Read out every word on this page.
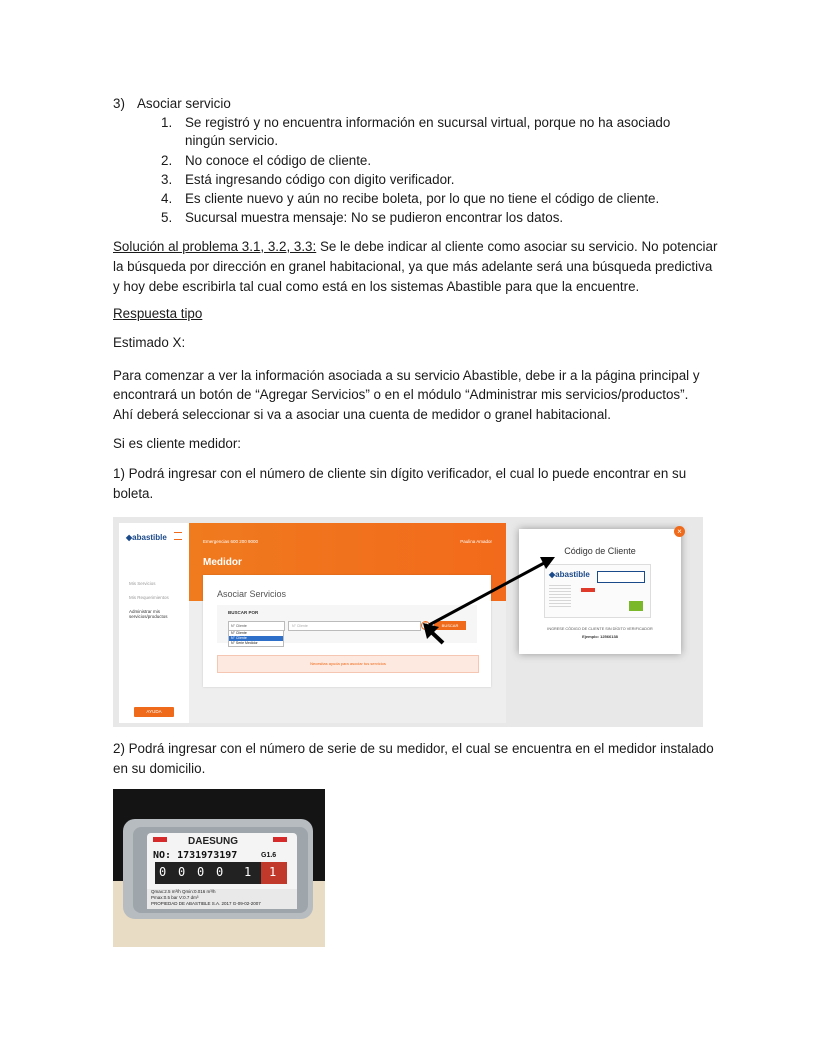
3) Asociar servicio
1. Se registró y no encuentra información en sucursal virtual, porque no ha asociado
ningún servicio.
2. No conoce el código de cliente.
3. Está ingresando código con digito verificador.
4. Es cliente nuevo y aún no recibe boleta, por lo que no tiene el código de cliente.
5. Sucursal muestra mensaje: No se pudieron encontrar los datos.
Solución al problema 3.1, 3.2, 3.3: Se le debe indicar al cliente como asociar su servicio. No potenciar
la búsqueda por dirección en granel habitacional, ya que más adelante será una búsqueda predictiva
y hoy debe escribirla tal cual como está en los sistemas Abastible para que la encuentre.
Respuesta tipo
Estimado X:
Para comenzar a ver la información asociada a su servicio Abastible, debe ir a la página principal y
encontrará un botón de “Agregar Servicios” o en el módulo “Administrar mis servicios/productos”.
Ahí deberá seleccionar si va a asociar una cuenta de medidor o granel habitacional.
Si es cliente medidor:
1) Podrá ingresar con el número de cliente sin dígito verificador, el cual lo puede encontrar en su
boleta.
◆abastible
Mis Servicios
Mis Requerimientos
Administrar mis servicios/productos
AYUDA
Emergencias 600 200 9000	Paulina Amador
Medidor
Asociar Servicios
BUSCAR POR
N° Cliente
N° Cliente
N° Cliente
N° Serie Medidor
N° Cliente	BUSCAR
Necesitas ayuda para asociar tus servicios
Código de Cliente
◆abastible
INGRESE CÓDIGO DE CLIENTE SIN DÍGITO VERIFICADOR
Ejemplo: 12566138
×
2) Podrá ingresar con el número de serie de su medidor, el cual se encuentra en el medidor instalado
en su domicilio.
DAESUNG
NO: 1731973197	G1.6
0 0 0 0 1 1
Qmax:2.5 m³/h Qmin:0.016 m³/h
Pmax:0.5 bar V:0.7 dm³
PROPIEDAD DE ABASTIBLE S.A. 2017 G-09-02-2007
